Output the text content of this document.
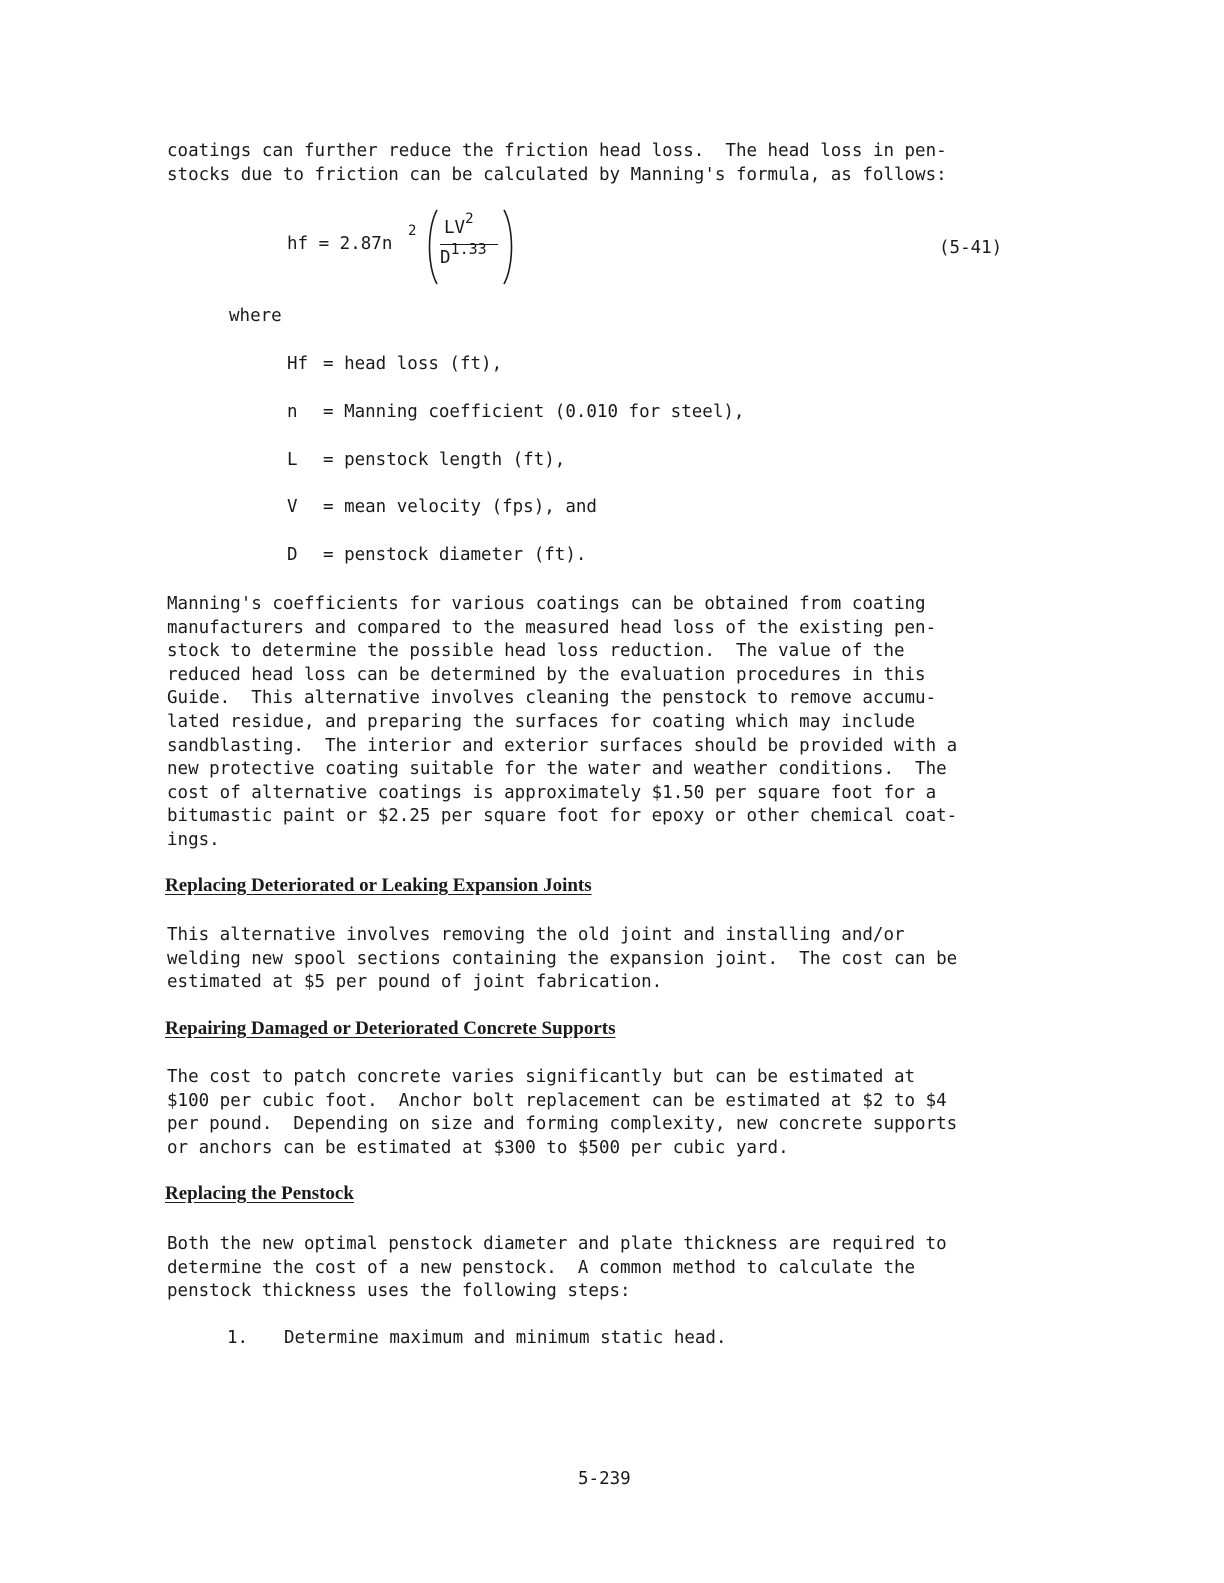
coatings can further reduce the friction head loss.  The head loss in pen-
stocks due to friction can be calculated by Manning's formula, as follows:

hf = 2.87n
2 $LV^2$
D1.33	(5-41)
where
Hf = head loss (ft),
n = Manning coefficient (0.010 for steel),
L = penstock length (ft),
V = mean velocity (fps), and
D = penstock diameter (ft).

Manning's coefficients for various coatings can be obtained from coating
manufacturers and compared to the measured head loss of the existing pen-
stock to determine the possible head loss reduction.  The value of the
reduced head loss can be determined by the evaluation procedures in this
Guide.  This alternative involves cleaning the penstock to remove accumu-
lated residue, and preparing the surfaces for coating which may include
sandblasting.  The interior and exterior surfaces should be provided with a
new protective coating suitable for the water and weather conditions.  The
cost of alternative coatings is approximately $1.50 per square foot for a
bitumastic paint or $2.25 per square foot for epoxy or other chemical coat-
ings.

Replacing Deteriorated or Leaking Expansion Joints

This alternative involves removing the old joint and installing and/or
welding new spool sections containing the expansion joint.  The cost can be
estimated at $5 per pound of joint fabrication.

Repairing Damaged or Deteriorated Concrete Supports

The cost to patch concrete varies significantly but can be estimated at
$100 per cubic foot.  Anchor bolt replacement can be estimated at $2 to $4
per pound.  Depending on size and forming complexity, new concrete supports
or anchors can be estimated at $300 to $500 per cubic yard.

Replacing the Penstock

Both the new optimal penstock diameter and plate thickness are required to
determine the cost of a new penstock.  A common method to calculate the
penstock thickness uses the following steps:

1. Determine maximum and minimum static head.
5-239
